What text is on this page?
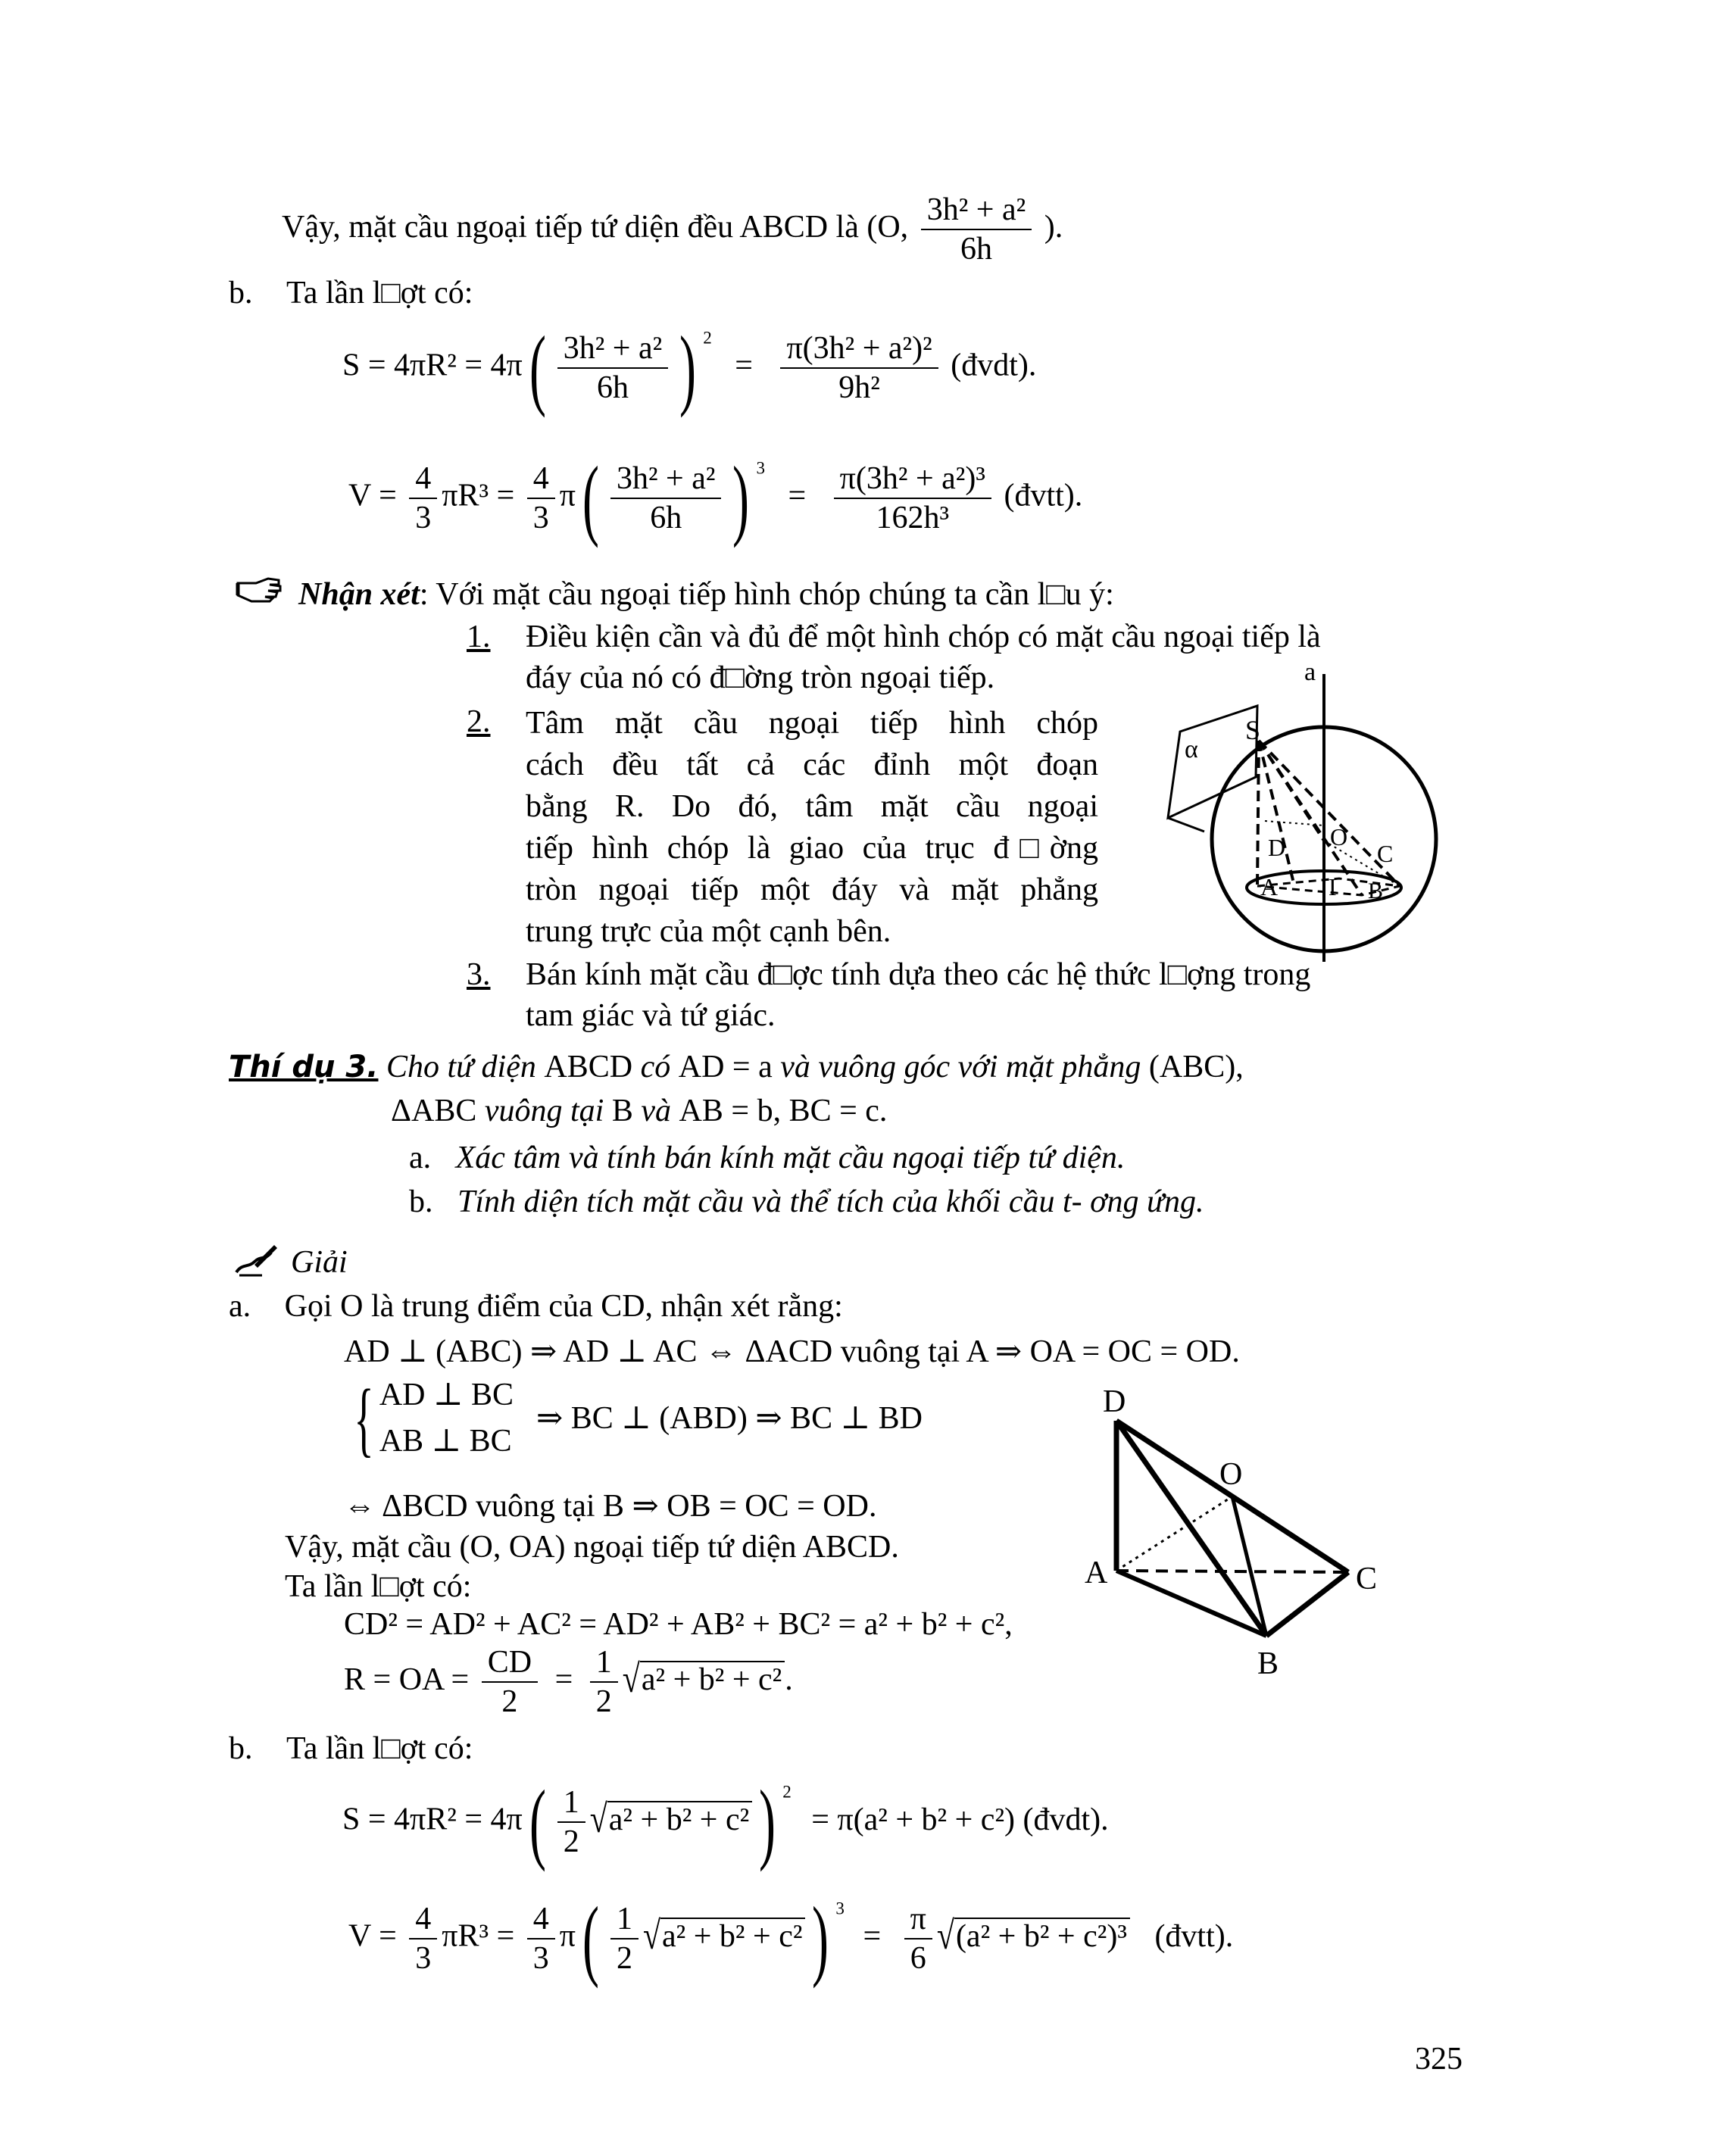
Vậy, mặt cầu ngoại tiếp tứ diện đều ABCD là (O, $\frac{\text{3h² + a²}}{6h}$ ).
b. Ta lần l□ợt có:
$S = 4\pi R^2 = 4\pi( \frac{\text{3h² + a²}}{6h}$ ) $^2 = \frac{\text{π(3h² + a²)²}}{\text{9h²}}$ (đvdt).
$V = \frac{4}{3} \pi R^3 = \frac{4}{3} \pi( \frac{\text{3h² + a²}}{6h}$ ) $^3 = \frac{\text{π(3h² + a²)³}}{\text{162h³}}$ (đvtt).
Nhận xét: Với mặt cầu ngoại tiếp hình chóp chúng ta cần l□u ý:
1. Điều kiện cần và đủ để một hình chóp có mặt cầu ngoại tiếp là
đáy của nó có đ□ờng tròn ngoại tiếp.
2. Tâm mặt cầu ngoại tiếp hình chóp
cách đều tất cả các đỉnh một đoạn
bằng R. Do đó, tâm mặt cầu ngoại
tiếp hình chóp là giao của trục đ□ờng
tròn ngoại tiếp một đáy và mặt phẳng
trung trực của một cạnh bên.
3. Bán kính mặt cầu đ□ợc tính dựa theo các hệ thức l□ợng trong
tam giác và tứ giác.
a
α
S
D O
C
A I B
Thí dụ 3. Cho tứ diện ABCD có AD = a và vuông góc với mặt phẳng (ABC),
ΔABC vuông tại B và AB = b, BC = c.
a. Xác tâm và tính bán kính mặt cầu ngoại tiếp tứ diện.
b. Tính diện tích mặt cầu và thể tích của khối cầu t- ơng ứng.
Giải
a. Gọi O là trung điểm của CD, nhận xét rằng:
AD ⊥ (ABC) ⇒ AD ⊥ AC ⇔ ΔACD vuông tại A ⇒ OA = OC = OD.
{ AD ⊥ BC
AB ⊥ BC
⇒ BC ⊥ (ABD) ⇒ BC ⊥ BD
⇔ ΔBCD vuông tại B ⇒ OB = OC = OD.
Vậy, mặt cầu (O, OA) ngoại tiếp tứ diện ABCD.
Ta lần l□ợt có:
CD² = AD² + AC² = AD² + AB² + BC² = a² + b² + c²,
R = OA = $\frac{CD}{2} = \frac{1}{2} √a^2 + b^2 + c^2$.
b. Ta lần l□ợt có:
$S = 4\pi R^2 = 4\pi( \frac{1}{2} √a^2 + b^2 + c^2$ ) $^2$ = π(a² + b² + c²) (đvdt).
$V = \frac{4}{3} \pi R^3 = \frac{4}{3} \pi( \frac{1}{2} √a^2 + b^2 + c^2$ ) $^3 = \frac{\pi}{6} √(a^2 + b^2 + c^2)^3$ (đvtt).
D
O
A	C
B
325
